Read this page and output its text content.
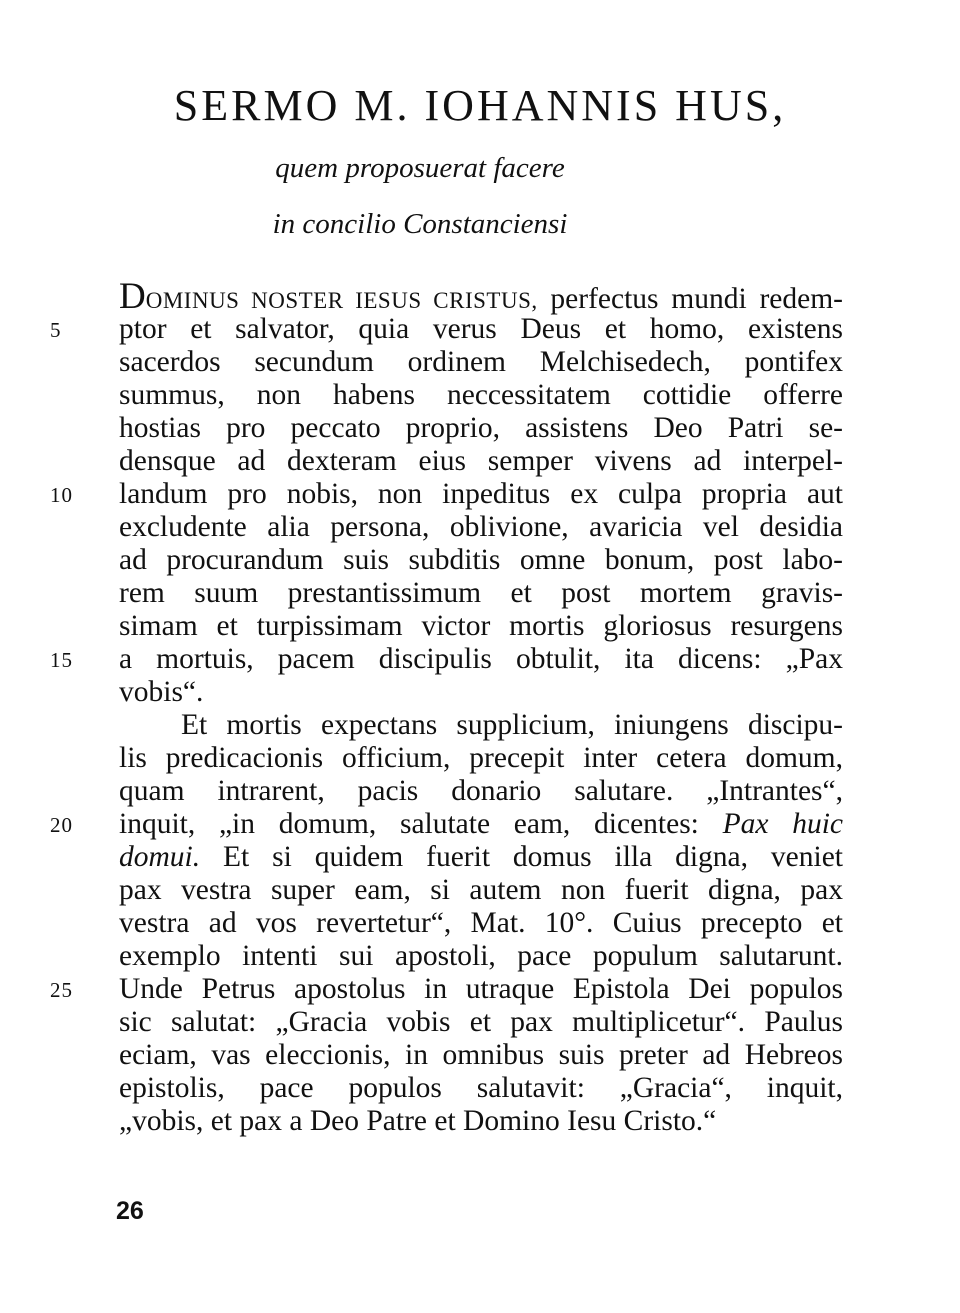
SERMO M. IOHANNIS HUS,
quem proposuerat facere
in concilio Constanciensi
DOMINUS NOSTER IESUS CRISTUS, perfectus mundi redem-
5	ptor et salvator, quia verus Deus et homo, existens
sacerdos secundum ordinem Melchisedech, pontifex
summus, non habens neccessitatem cottidie offerre
hostias pro peccato proprio, assistens Deo Patri se-
densque ad dexteram eius semper vivens ad interpel-
10 landum pro nobis, non inpeditus ex culpa propria aut
excludente alia persona, oblivione, avaricia vel desidia
ad procurandum suis subditis omne bonum, post labo-
rem suum prestantissimum et post mortem gravis-
simam et turpissimam victor mortis gloriosus resurgens
15 a mortuis, pacem discipulis obtulit, ita dicens: „Pax
vobis“.
Et mortis expectans supplicium, iniungens discipu-
lis predicacionis officium, precepit inter cetera domum,
quam intrarent, pacis donario salutare. „Intrantes“,
20 inquit, „in domum, salutate eam, dicentes: Pax huic
domui. Et si quidem fuerit domus illa digna, veniet
pax vestra super eam, si autem non fuerit digna, pax
vestra ad vos revertetur“, Mat. 10°. Cuius precepto et
exemplo intenti sui apostoli, pace populum salutarunt.
25 Unde Petrus apostolus in utraque Epistola Dei populos
sic salutat: „Gracia vobis et pax multiplicetur“. Paulus
eciam, vas eleccionis, in omnibus suis preter ad Hebreos
epistolis, pace populos salutavit: „Gracia“, inquit,
„vobis, et pax a Deo Patre et Domino Iesu Cristo.“
26
